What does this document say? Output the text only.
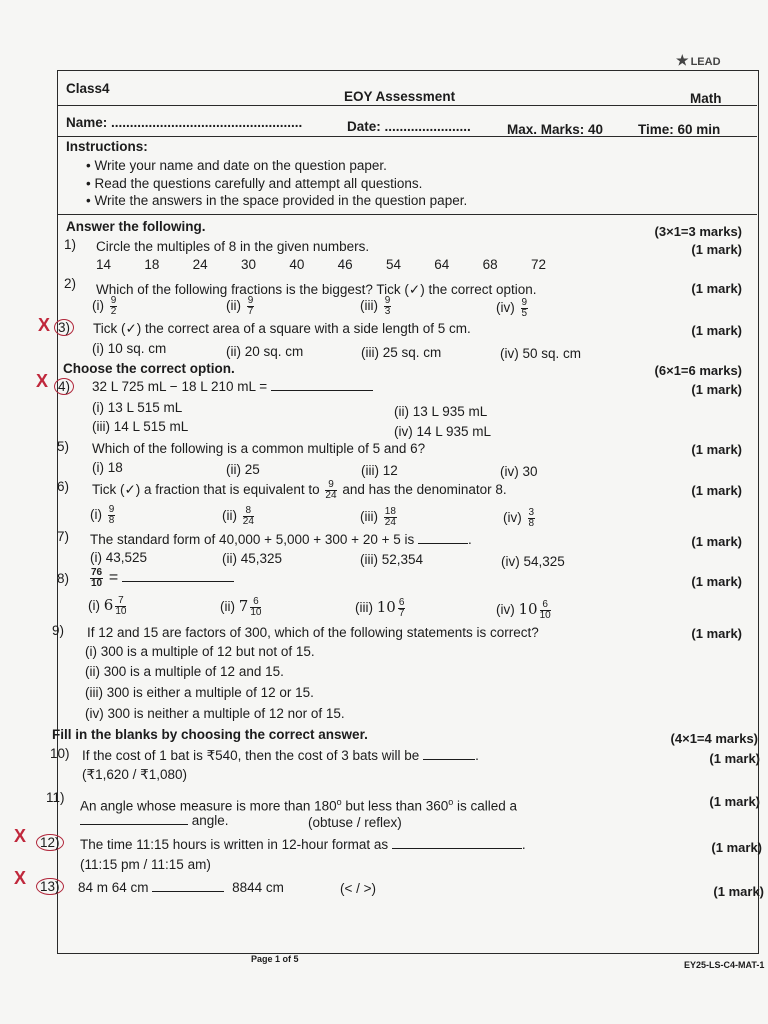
★ LEAD
Class4
EOY Assessment	Math
Name: ...................................................	Date: .......................	Max. Marks: 40	Time: 60 min
Instructions:
• Write your name and date on the question paper.
• Read the questions carefully and attempt all questions.
• Write the answers in the space provided in the question paper.
Answer the following.	(3×1=3 marks)
1) Circle the multiples of 8 in the given numbers.	(1 mark)
14 18 24 30 40 46 54 64 68 72
2) Which of the following fractions is the biggest? Tick (✓) the correct option.	(1 mark)
$(i) \frac{9}{2}$	$(ii) \frac{9}{7}$	$(iii) \frac{9}{3}$	$(iv) \frac{9}{5}$
X 3) Tick (✓) the correct area of a square with a side length of 5 cm.	(1 mark)
(i) 10 sq. cm	(ii) 20 sq. cm	(iii) 25 sq. cm	(iv) 50 sq. cm
Choose the correct option.	(6×1=6 marks)
X 4) 32 L 725 mL − 18 L 210 mL =	(1 mark)
(i) 13 L 515 mL	(ii) 13 L 935 mL
(iii) 14 L 515 mL	(iv) 14 L 935 mL
5) Which of the following is a common multiple of 5 and 6?	(1 mark)
(i) 18	(ii) 25	(iii) 12	(iv) 30
6) Tick (✓) a fraction that is equivalent to $\frac{9}{24}$ and has the denominator 8.	(1 mark)
$(i) \frac{9}{8}$	$(ii) \frac{8}{24}$	$(iii) \frac{18}{24}$	$(iv) \frac{3}{8}$
7) The standard form of 40,000 + 5,000 + 300 + 20 + 5 is	.	(1 mark)
(i) 43,525	(ii) 45,325	(iii) 52,354	(iv) 54,325
$8) \frac{76}{10}$ =	(1 mark)
(i) $6 \frac{7}{10}$	(ii) $7 \frac{6}{10}$	(iii) $10 \frac{6}{7}$	(iv) $10 \frac{6}{10}$
9) If 12 and 15 are factors of 300, which of the following statements is correct?	(1 mark)
(i) 300 is a multiple of 12 but not of 15.
(ii) 300 is a multiple of 12 and 15.
(iii) 300 is either a multiple of 12 or 15.
(iv) 300 is neither a multiple of 12 nor of 15.
Fill in the blanks by choosing the correct answer.	(4×1=4 marks)
10) If the cost of 1 bat is ₹540, then the cost of 3 bats will be	.	(1 mark)
(₹1,620 / ₹1,080)
11)
An angle whose measure is more than 180$^o$ but less than 360$^o$ is called a	(1 mark)
angle.	(obtuse / reflex)
X 12) The time 11:15 hours is written in 12-hour format as	.	(1 mark)
(11:15 pm / 11:15 am)
X 13) 84 m 64 cm	8844 cm	(< / >)	(1 mark)
Page 1 of 5
EY25-LS-C4-MAT-1
